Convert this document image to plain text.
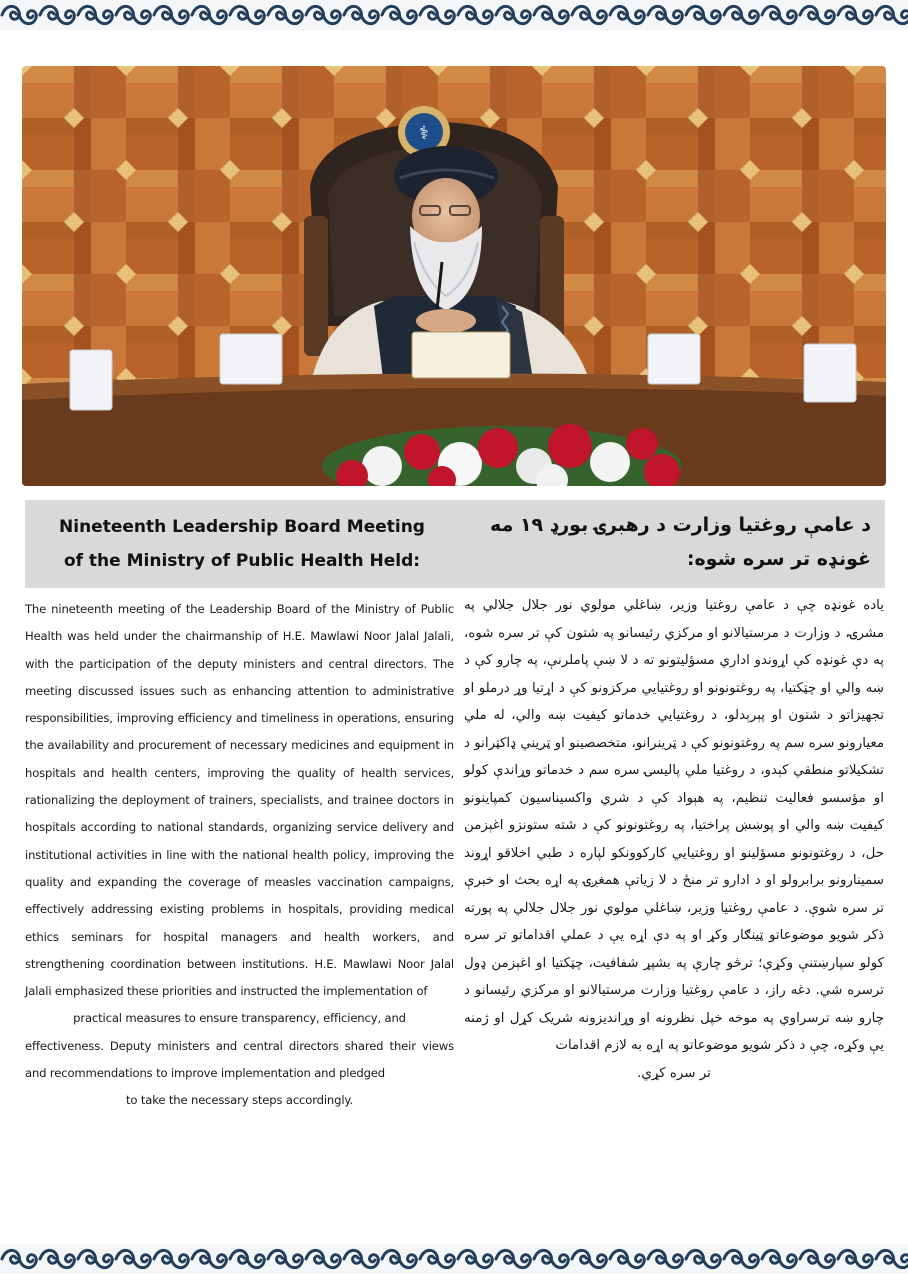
⚕
Nineteenth Leadership Board Meeting of the Ministry of Public Health Held:
د عامې روغتیا وزارت د رهبرۍ بورډ ۱۹ مه غونډه تر سره شوه:

The nineteenth meeting of the Leadership Board of the Ministry of Public Health was held under the chairmanship of H.E. Mawlawi Noor Jalal Jalali, with the participation of the deputy ministers and central directors. The meeting discussed issues such as enhancing attention to administrative responsibilities, improving efficiency and timeliness in operations, ensuring the availability and procurement of necessary medicines and equipment in hospitals and health centers, improving the quality of health services, rationalizing the deployment of trainers, specialists, and trainee doctors in hospitals according to national standards, organizing service delivery and institutional activities in line with the national health policy, improving the quality and expanding the coverage of measles vaccination campaigns, effectively addressing existing problems in hospitals, providing medical ethics seminars for hospital managers and health workers, and strengthening coordination between institutions. H.E. Mawlawi Noor Jalal Jalali emphasized these priorities and instructed the implementation of

practical measures to ensure transparency, efficiency, and

effectiveness. Deputy ministers and central directors shared their views and recommendations to improve implementation and pledged

to take the necessary steps accordingly.

یاده غونډه چې د عامې روغتیا وزیر، ښاغلي مولوي نور جلال جلالي په مشرۍ، د وزارت د مرستیالانو او مرکزي رئیسانو په شتون کې تر سره شوه، په دې غونډه کې اړوندو اداري مسؤلیتونو ته د لا ښې پاملرنې، په چارو کې د ښه والي او چټکتیا، په روغتونونو او روغتیایي مرکزونو کې د اړتیا وړ درملو او تجهیزاتو د شتون او پېرېدلو، د روغتیایي خدماتو کیفیت ښه والي، له ملي معیارونو سره سم په روغتونونو کې د ټرینرانو، متخصصینو او ټریني ډاکټرانو د تشکیلاتو منطقي کېدو، د روغتیا ملي پالیسۍ سره سم د خدماتو وړاندې کولو او مؤسسو فعالیت تنظیم، په هېواد کې د شري واکسیناسیون کمپاینونو کیفیت ښه والي او پوښښ پراختیا، په روغتونونو کې د شته ستونزو اغېزمن حل، د روغتونونو مسؤلینو او روغتیایي کارکوونکو لپاره د طبي اخلاقو اړوند سمینارونو برابرولو او د ادارو تر منځ د لا زیاتې همغږۍ په اړه بحث او خبرې تر سره شوې. د عامې روغتیا وزیر، ښاغلي مولوي نور جلال جلالي په پورته ذکر شویو موضوعاتو ټینګار وکړ او په دې اړه یې د عملي اقداماتو تر سره کولو سپارښتنې وکړې؛ ترڅو چارې په بشپړ شفافیت، چټکتیا او اغېزمن ډول ترسره شي. دغه راز، د عامې روغتیا وزارت مرستیالانو او مرکزي رئیسانو د چارو ښه ترسراوي په موخه خپل نظرونه او وړاندیزونه شریک کړل او ژمنه یې وکړه، چې د ذکر شویو موضوعاتو په اړه به لازم اقدامات

تر سره کړي.
